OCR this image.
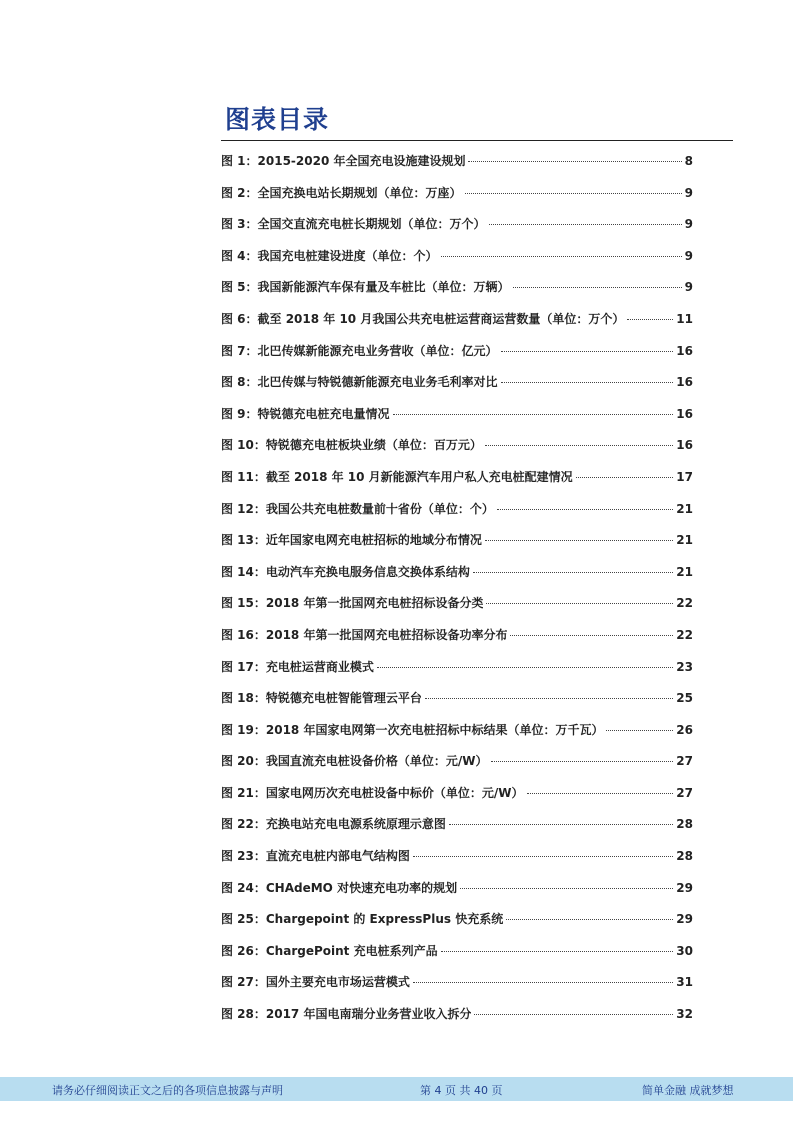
图表目录
图 1：2015-2020 年全国充电设施建设规划	8
图 2：全国充换电站长期规划（单位：万座）	9
图 3：全国交直流充电桩长期规划（单位：万个）	9
图 4：我国充电桩建设进度（单位：个）	9
图 5：我国新能源汽车保有量及车桩比（单位：万辆）	9
图 6：截至 2018 年 10 月我国公共充电桩运营商运营数量（单位：万个）	11
图 7：北巴传媒新能源充电业务营收（单位：亿元）	16
图 8：北巴传媒与特锐德新能源充电业务毛利率对比	16
图 9：特锐德充电桩充电量情况	16
图 10：特锐德充电桩板块业绩（单位：百万元）	16
图 11：截至 2018 年 10 月新能源汽车用户私人充电桩配建情况	17
图 12：我国公共充电桩数量前十省份（单位：个）	21
图 13：近年国家电网充电桩招标的地域分布情况	21
图 14：电动汽车充换电服务信息交换体系结构	21
图 15：2018 年第一批国网充电桩招标设备分类	22
图 16：2018 年第一批国网充电桩招标设备功率分布	22
图 17：充电桩运营商业模式	23
图 18：特锐德充电桩智能管理云平台	25
图 19：2018 年国家电网第一次充电桩招标中标结果（单位：万千瓦）	26
图 20：我国直流充电桩设备价格（单位：元/W）	27
图 21：国家电网历次充电桩设备中标价（单位：元/W）	27
图 22：充换电站充电电源系统原理示意图	28
图 23：直流充电桩内部电气结构图	28
图 24：CHAdeMO 对快速充电功率的规划	29
图 25：Chargepoint 的 ExpressPlus 快充系统	29
图 26：ChargePoint 充电桩系列产品	30
图 27：国外主要充电市场运营模式	31
图 28：2017 年国电南瑞分业务营业收入拆分	32
请务必仔细阅读正文之后的各项信息披露与声明	第 4 页 共 40 页	简单金融 成就梦想
